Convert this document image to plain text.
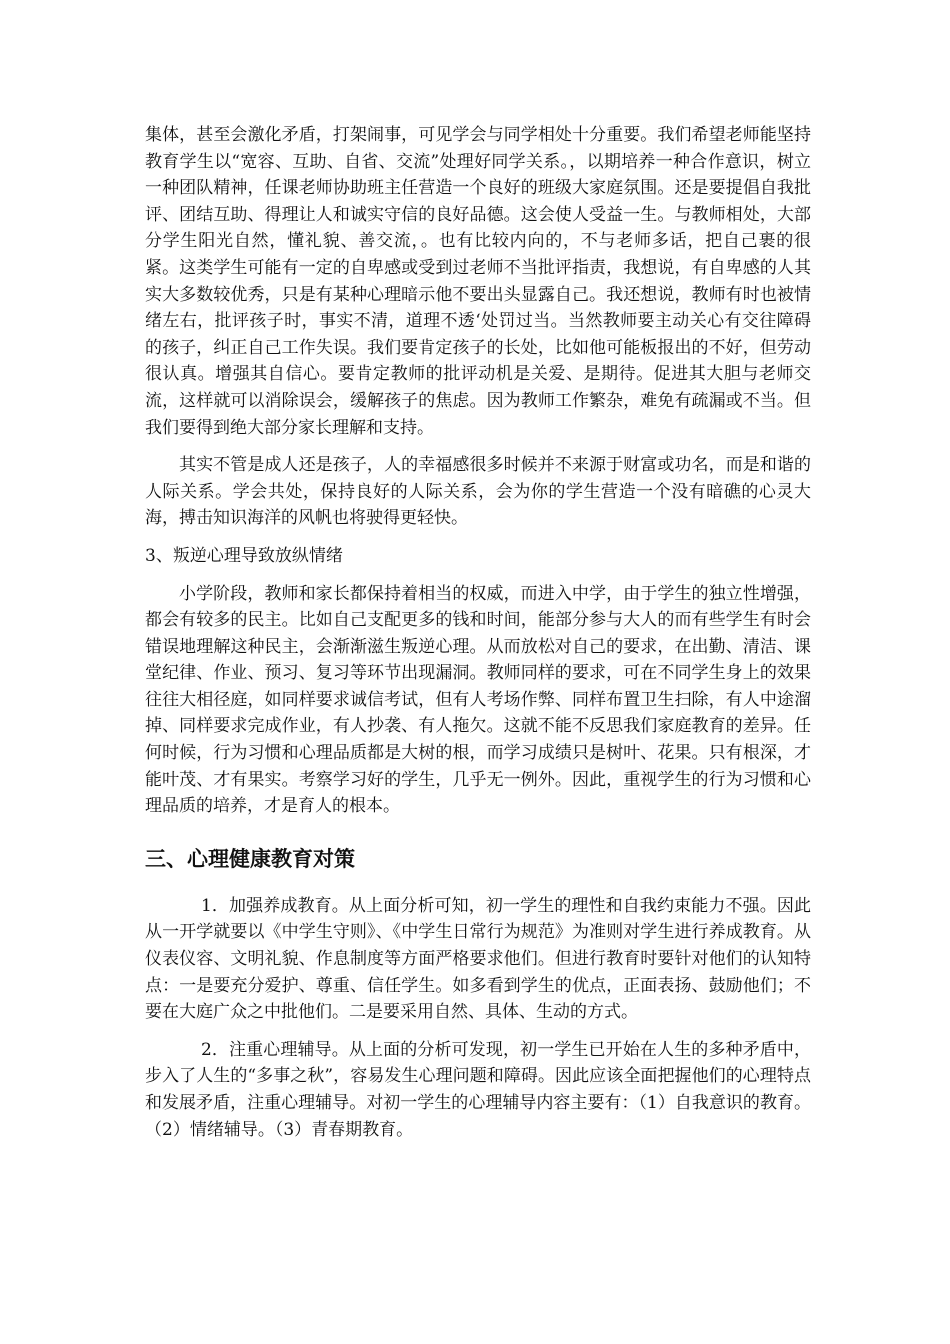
集体，甚至会激化矛盾，打架闹事，可见学会与同学相处十分重要。我们希望老师能坚持教育学生以“宽容、互助、自省、交流”处理好同学关系。，以期培养一种合作意识，树立一种团队精神，任课老师协助班主任营造一个良好的班级大家庭氛围。还是要提倡自我批评、团结互助、得理让人和诚实守信的良好品德。这会使人受益一生。与教师相处，大部分学生阳光自然，懂礼貌、善交流，。也有比较内向的，不与老师多话，把自己裹的很紧。这类学生可能有一定的自卑感或受到过老师不当批评指责，我想说，有自卑感的人其实大多数较优秀，只是有某种心理暗示他不要出头显露自己。我还想说，教师有时也被情绪左右，批评孩子时，事实不清，道理不透‘处罚过当。当然教师要主动关心有交往障碍的孩子，纠正自己工作失误。我们要肯定孩子的长处，比如他可能板报出的不好，但劳动很认真。增强其自信心。要肯定教师的批评动机是关爱、是期待。促进其大胆与老师交流，这样就可以消除误会，缓解孩子的焦虑。因为教师工作繁杂，难免有疏漏或不当。但我们要得到绝大部分家长理解和支持。

其实不管是成人还是孩子，人的幸福感很多时候并不来源于财富或功名，而是和谐的人际关系。学会共处，保持良好的人际关系，会为你的学生营造一个没有暗礁的心灵大海，搏击知识海洋的风帆也将驶得更轻快。

3、叛逆心理导致放纵情绪

小学阶段，教师和家长都保持着相当的权威，而进入中学，由于学生的独立性增强，都会有较多的民主。比如自己支配更多的钱和时间，能部分参与大人的而有些学生有时会错误地理解这种民主，会渐渐滋生叛逆心理。从而放松对自己的要求，在出勤、清洁、课堂纪律、作业、预习、复习等环节出现漏洞。教师同样的要求，可在不同学生身上的效果往往大相径庭，如同样要求诚信考试，但有人考场作弊、同样布置卫生扫除，有人中途溜掉、同样要求完成作业，有人抄袭、有人拖欠。这就不能不反思我们家庭教育的差异。任何时候，行为习惯和心理品质都是大树的根，而学习成绩只是树叶、花果。只有根深，才能叶茂、才有果实。考察学习好的学生，几乎无一例外。因此，重视学生的行为习惯和心理品质的培养，才是育人的根本。

三、心理健康教育对策

1．加强养成教育。从上面分析可知，初一学生的理性和自我约束能力不强。因此从一开学就要以《中学生守则》、《中学生日常行为规范》为准则对学生进行养成教育。从仪表仪容、文明礼貌、作息制度等方面严格要求他们。但进行教育时要针对他们的认知特点：一是要充分爱护、尊重、信任学生。如多看到学生的优点，正面表扬、鼓励他们；不要在大庭广众之中批他们。二是要采用自然、具体、生动的方式。

2．注重心理辅导。从上面的分析可发现，初一学生已开始在人生的多种矛盾中，步入了人生的“多事之秋”，容易发生心理问题和障碍。因此应该全面把握他们的心理特点和发展矛盾，注重心理辅导。对初一学生的心理辅导内容主要有：（1）自我意识的教育。（2）情绪辅导。（3）青春期教育。
